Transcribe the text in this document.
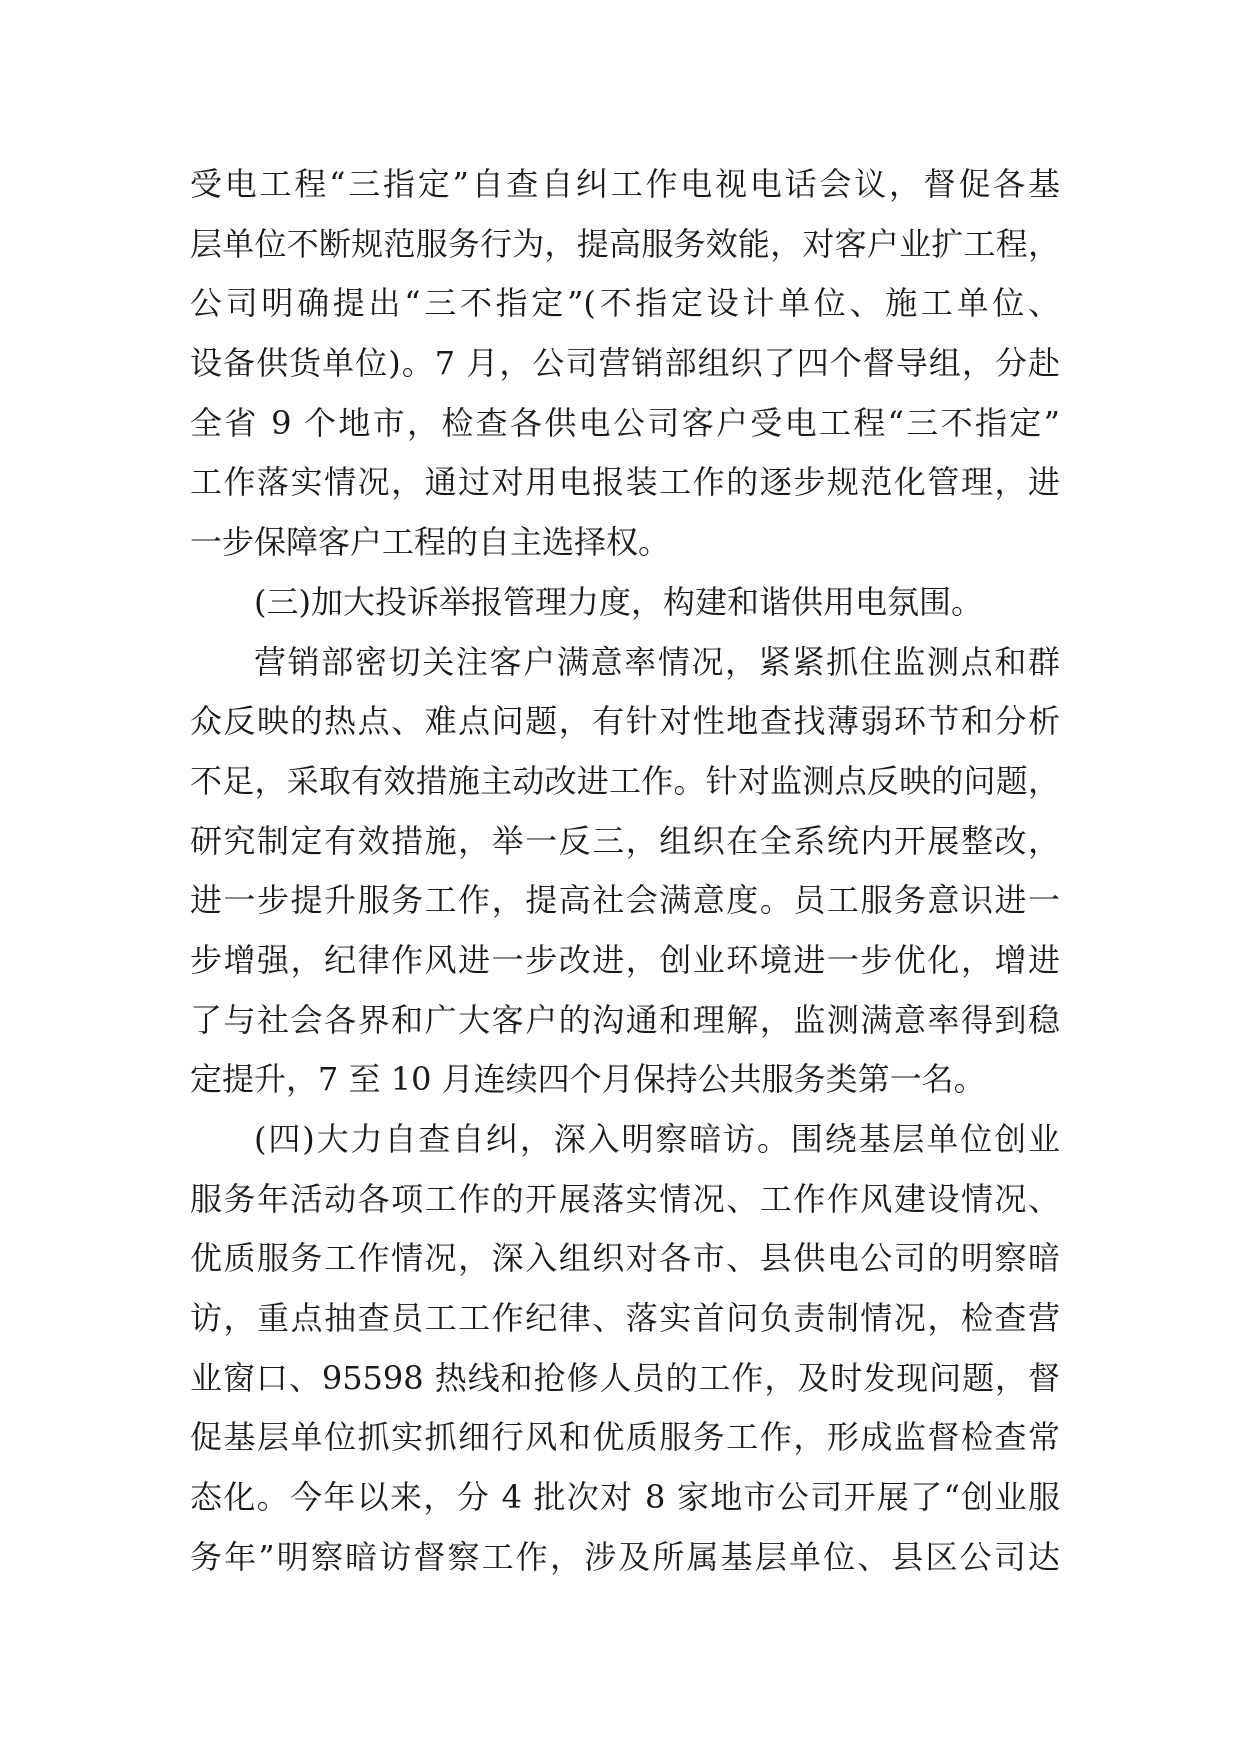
受电工程“三指定”自查自纠工作电视电话会议，督促各基
层单位不断规范服务行为，提高服务效能，对客户业扩工程，
公司明确提出“三不指定”(不指定设计单位、施工单位、
设备供货单位)。7 月，公司营销部组织了四个督导组，分赴
全省 9 个地市，检查各供电公司客户受电工程“三不指定”
工作落实情况，通过对用电报装工作的逐步规范化管理，进
一步保障客户工程的自主选择权。
(三)加大投诉举报管理力度，构建和谐供用电氛围。
营销部密切关注客户满意率情况，紧紧抓住监测点和群
众反映的热点、难点问题，有针对性地查找薄弱环节和分析
不足，采取有效措施主动改进工作。针对监测点反映的问题，
研究制定有效措施，举一反三，组织在全系统内开展整改，
进一步提升服务工作，提高社会满意度。员工服务意识进一
步增强，纪律作风进一步改进，创业环境进一步优化，增进
了与社会各界和广大客户的沟通和理解，监测满意率得到稳
定提升，7 至 10 月连续四个月保持公共服务类第一名。
(四)大力自查自纠，深入明察暗访。围绕基层单位创业
服务年活动各项工作的开展落实情况、工作作风建设情况、
优质服务工作情况，深入组织对各市、县供电公司的明察暗
访，重点抽查员工工作纪律、落实首问负责制情况，检查营
业窗口、95598 热线和抢修人员的工作，及时发现问题，督
促基层单位抓实抓细行风和优质服务工作，形成监督检查常
态化。今年以来，分 4 批次对 8 家地市公司开展了“创业服
务年”明察暗访督察工作，涉及所属基层单位、县区公司达
